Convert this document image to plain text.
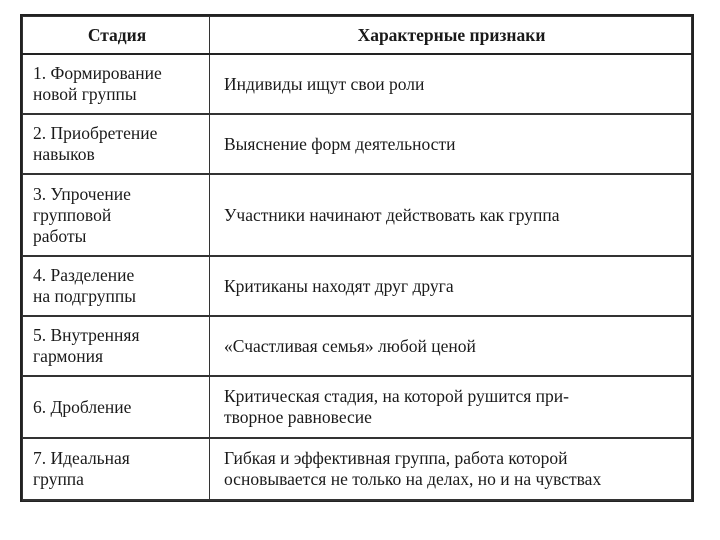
Стадия	Характерные признаки
1. Формирование
новой группы	Индивиды ищут свои роли
2. Приобретение
навыков	Выяснение форм деятельности
3. Упрочение
групповой
работы	Участники начинают действовать как группа
4. Разделение
на подгруппы	Критиканы находят друг друга
5. Внутренняя
гармония	«Счастливая семья» любой ценой
6. Дробление	Критическая стадия, на которой рушится при-
творное равновесие
7. Идеальная
группа	Гибкая и эффективная группа, работа которой
основывается не только на делах, но и на чувствах
